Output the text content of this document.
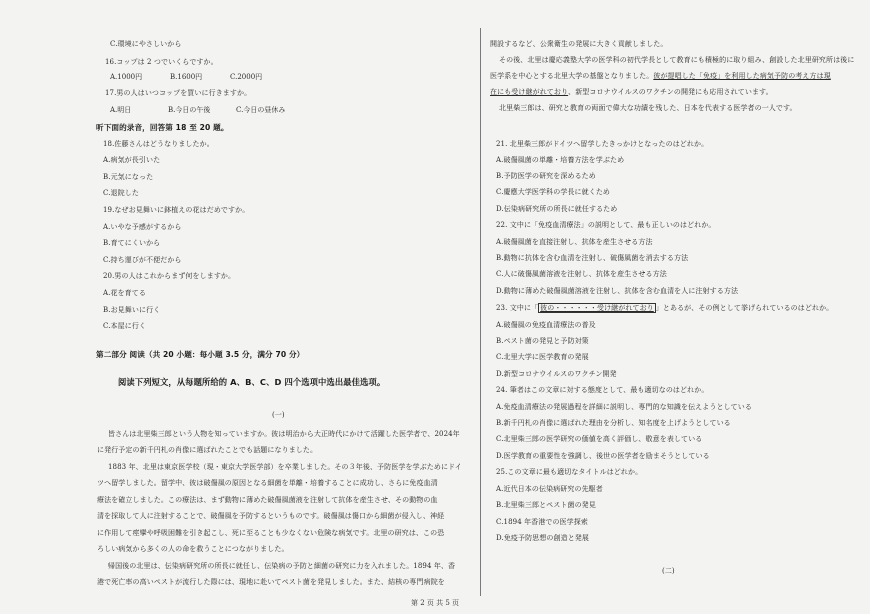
C.環境にやさしいから
16.コップは 2 つでいくらですか。
A.1000円	B.1600円	C.2000円
17.男の人はいつコップを買いに行きますか。
A.明日	B.今日の午後	C.今日の昼休み
听下面的录音，回答第 18 至 20 题。
18.佐藤さんはどうなりましたか。
A.病気が長引いた
B.元気になった
C.退院した
19.なぜお見舞いに鉢植えの花はだめですか。
A.いやな予感がするから
B.育てにくいから
C.持ち運びが不便だから
20.男の人はこれからまず何をしますか。
A.花を育てる
B.お見舞いに行く
C.本屋に行く
第二部分 阅读（共 20 小题：每小题 3.5 分，满分 70 分）
阅读下列短文，从每题所给的 A、B、C、D 四个选项中选出最佳选项。
(一)
皆さんは北里柴三郎という人物を知っていますか。彼は明治から大正時代にかけて活躍した医学者で、2024年
に発行予定の新千円札の肖像に選ばれたことでも話題になりました。
1883 年、北里は東京医学校（現・東京大学医学部）を卒業しました。その３年後、予防医学を学ぶためにドイ
ツへ留学しました。留学中、彼は破傷風の原因となる細菌を単離・培養することに成功し、さらに免疫血清
療法を確立しました。この療法は、まず動物に薄めた破傷風菌液を注射して抗体を産生させ、その動物の血
清を採取して人に注射することで、破傷風を予防するというものです。破傷風は傷口から細菌が侵入し、神経
に作用して痙攣や呼吸困難を引き起こし、死に至ることも少なくない危険な病気です。北里の研究は、この恐
ろしい病気から多くの人の命を救うことにつながりました。
帰国後の北里は、伝染病研究所の所長に就任し、伝染病の予防と細菌の研究に力を入れました。1894 年、香
港で死亡率の高いペストが流行した際には、現地に赴いてペスト菌を発見しました。また、結核の専門病院を
開設するなど、公衆衛生の発展に大きく貢献しました。
その後、北里は慶応義塾大学の医学科の初代学長として教育にも積極的に取り組み、創設した北里研究所は後に
医学系を中心とする北里大学の基盤となりました。彼が提唱した「免疫」を利用した病気予防の考え方は現
在にも受け継がれており、新型コロナウイルスのワクチンの開発にも応用されています。
北里柴三郎は、研究と教育の両面で偉大な功績を残した、日本を代表する医学者の一人です。
21. 北里柴三郎がドイツへ留学したきっかけとなったのはどれか。
A.破傷風菌の単離・培養方法を学ぶため
B.予防医学の研究を深めるため
C.慶應大学医学科の学長に就くため
D.伝染病研究所の所長に就任するため
22. 文中に「免疫血清療法」の説明として、最も正しいのはどれか。
A.破傷風菌を直接注射し、抗体を産生させる方法
B.動物に抗体を含む血清を注射し、破傷風菌を消去する方法
C.人に破傷風菌溶液を注射し、抗体を産生させる方法
D.動物に薄めた破傷風菌溶液を注射し、抗体を含む血清を人に注射する方法
23. 文中に「 彼の・・・・・・受け継がれており 」とあるが、その例として挙げられているのはどれか。
A.破傷風の免疫血清療法の普及
B.ペスト菌の発見と予防対策
C.北里大学に医学教育の発展
D.新型コロナウイルスのワクチン開発
24. 筆者はこの文章に対する態度として、最も適切なのはどれか。
A.免疫血清療法の発展過程を詳細に説明し、専門的な知識を伝えようとしている
B.新千円札の肖像に選ばれた理由を分析し、知名度を上げようとしている
C.北里柴三郎の医学研究の価値を高く評価し、敬意を表している
D.医学教育の重要性を強調し、後世の医学者を励まそうとしている
25.この文章に最も適切なタイトルはどれか。
A.近代日本の伝染病研究の先駆者
B.北里柴三郎とペスト菌の発見
C.1894 年香港での医学探索
D.免疫予防思想の創造と発展
(二)
第 2 页 共 5 页
